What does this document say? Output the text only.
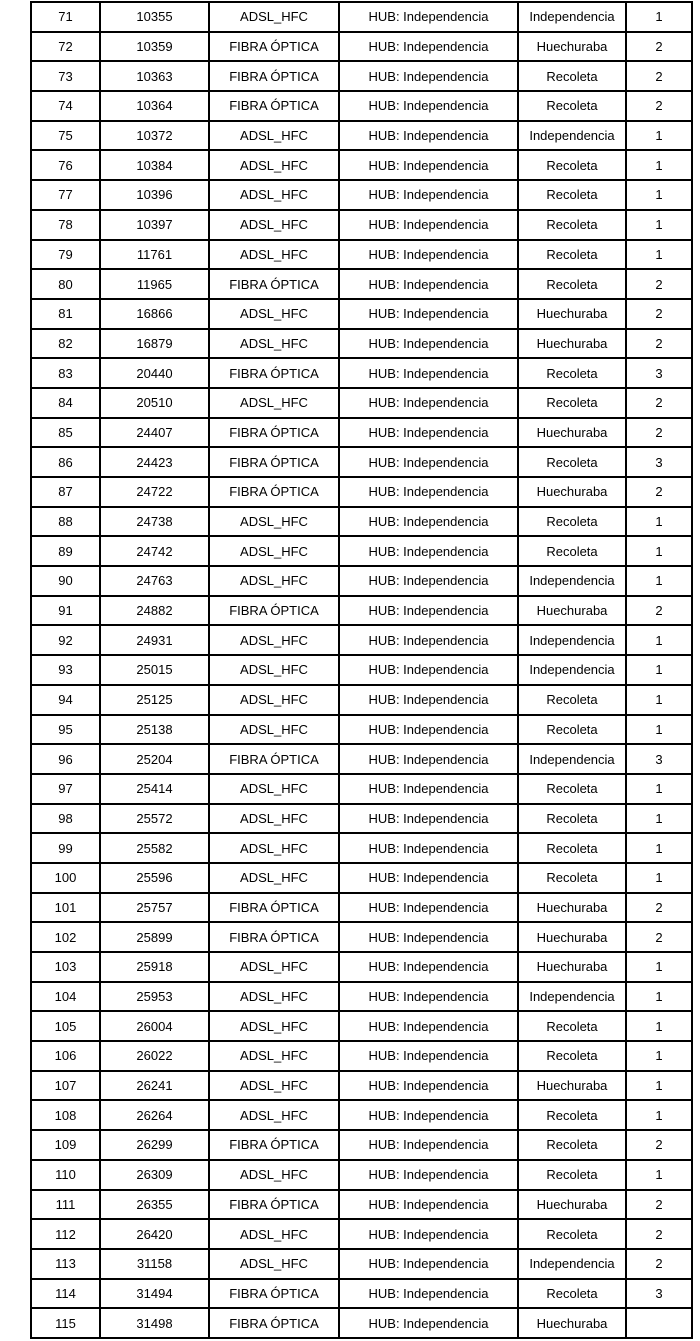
71	10355	ADSL_HFC	HUB: Independencia	Independencia	1
72	10359	FIBRA ÓPTICA	HUB: Independencia	Huechuraba	2
73	10363	FIBRA ÓPTICA	HUB: Independencia	Recoleta	2
74	10364	FIBRA ÓPTICA	HUB: Independencia	Recoleta	2
75	10372	ADSL_HFC	HUB: Independencia	Independencia	1
76	10384	ADSL_HFC	HUB: Independencia	Recoleta	1
77	10396	ADSL_HFC	HUB: Independencia	Recoleta	1
78	10397	ADSL_HFC	HUB: Independencia	Recoleta	1
79	11761	ADSL_HFC	HUB: Independencia	Recoleta	1
80	11965	FIBRA ÓPTICA	HUB: Independencia	Recoleta	2
81	16866	ADSL_HFC	HUB: Independencia	Huechuraba	2
82	16879	ADSL_HFC	HUB: Independencia	Huechuraba	2
83	20440	FIBRA ÓPTICA	HUB: Independencia	Recoleta	3
84	20510	ADSL_HFC	HUB: Independencia	Recoleta	2
85	24407	FIBRA ÓPTICA	HUB: Independencia	Huechuraba	2
86	24423	FIBRA ÓPTICA	HUB: Independencia	Recoleta	3
87	24722	FIBRA ÓPTICA	HUB: Independencia	Huechuraba	2
88	24738	ADSL_HFC	HUB: Independencia	Recoleta	1
89	24742	ADSL_HFC	HUB: Independencia	Recoleta	1
90	24763	ADSL_HFC	HUB: Independencia	Independencia	1
91	24882	FIBRA ÓPTICA	HUB: Independencia	Huechuraba	2
92	24931	ADSL_HFC	HUB: Independencia	Independencia	1
93	25015	ADSL_HFC	HUB: Independencia	Independencia	1
94	25125	ADSL_HFC	HUB: Independencia	Recoleta	1
95	25138	ADSL_HFC	HUB: Independencia	Recoleta	1
96	25204	FIBRA ÓPTICA	HUB: Independencia	Independencia	3
97	25414	ADSL_HFC	HUB: Independencia	Recoleta	1
98	25572	ADSL_HFC	HUB: Independencia	Recoleta	1
99	25582	ADSL_HFC	HUB: Independencia	Recoleta	1
100	25596	ADSL_HFC	HUB: Independencia	Recoleta	1
101	25757	FIBRA ÓPTICA	HUB: Independencia	Huechuraba	2
102	25899	FIBRA ÓPTICA	HUB: Independencia	Huechuraba	2
103	25918	ADSL_HFC	HUB: Independencia	Huechuraba	1
104	25953	ADSL_HFC	HUB: Independencia	Independencia	1
105	26004	ADSL_HFC	HUB: Independencia	Recoleta	1
106	26022	ADSL_HFC	HUB: Independencia	Recoleta	1
107	26241	ADSL_HFC	HUB: Independencia	Huechuraba	1
108	26264	ADSL_HFC	HUB: Independencia	Recoleta	1
109	26299	FIBRA ÓPTICA	HUB: Independencia	Recoleta	2
110	26309	ADSL_HFC	HUB: Independencia	Recoleta	1
111	26355	FIBRA ÓPTICA	HUB: Independencia	Huechuraba	2
112	26420	ADSL_HFC	HUB: Independencia	Recoleta	2
113	31158	ADSL_HFC	HUB: Independencia	Independencia	2
114	31494	FIBRA ÓPTICA	HUB: Independencia	Recoleta	3
115	31498	FIBRA ÓPTICA	HUB: Independencia	Huechuraba	
